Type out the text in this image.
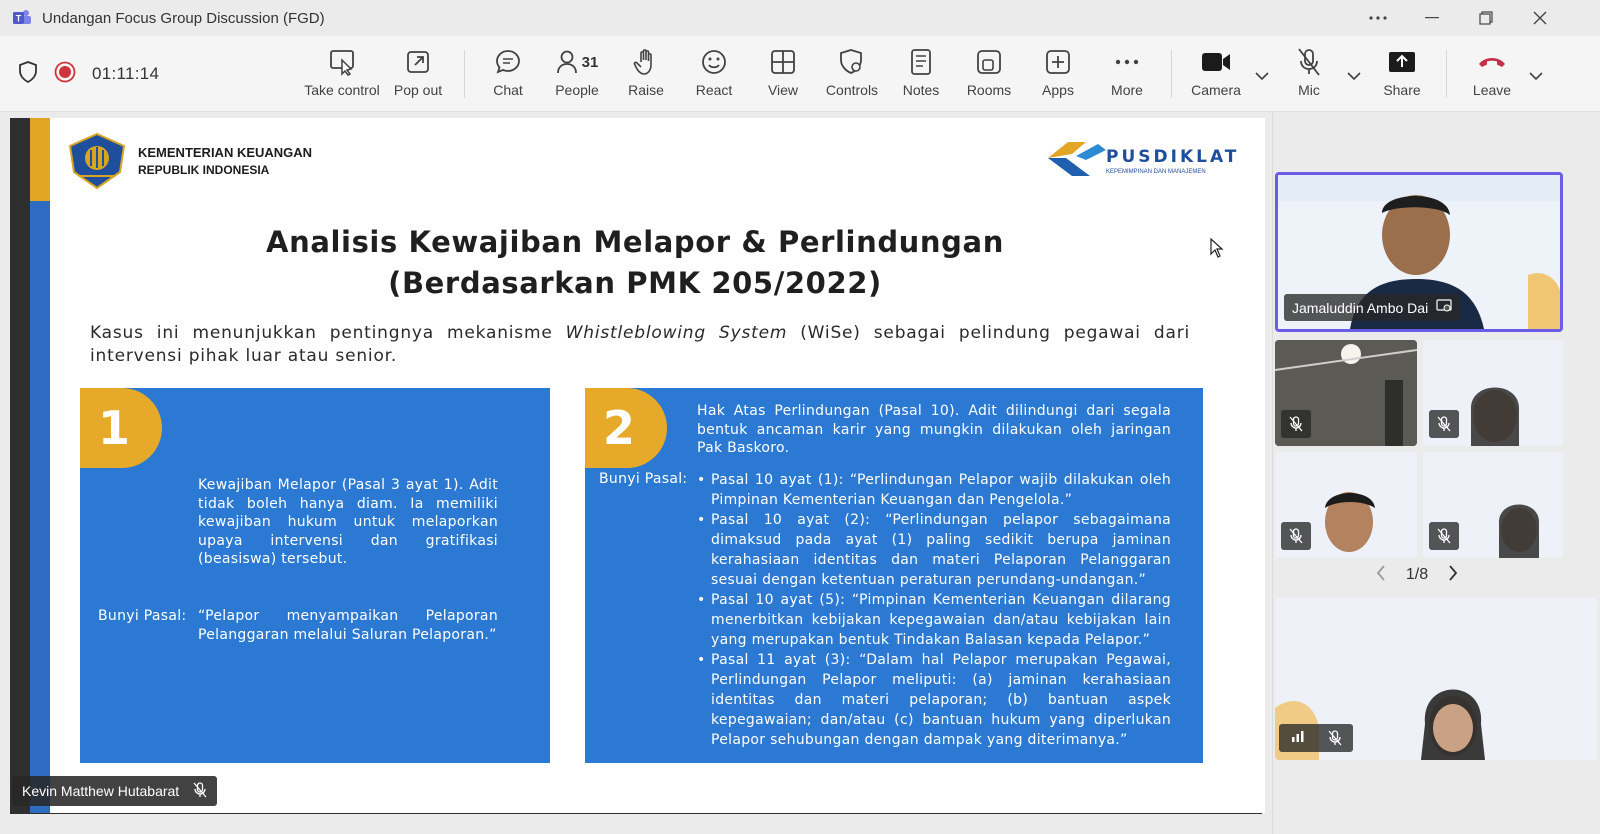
T Undangan Focus Group Discussion (FGD)
01:11:14
Take control Pop out	Chat
31
People Raise React	View Controls Notes Rooms Apps	More	Camera	Mic	Share	Leave
KEMENTERIAN KEUANGAN
REPUBLIK INDONESIA
PUSDIKLAT
KEPEMIMPINAN DAN MANAJEMEN
Analisis Kewajiban Melapor & Perlindungan
(Berdasarkan PMK 205/2022)
Kasus ini menunjukkan pentingnya mekanisme Whistleblowing System (WiSe) sebagai pelindung pegawai dari intervensi pihak luar atau senior.
1
Kewajiban Melapor (Pasal 3 ayat 1). Adit tidak boleh hanya diam. Ia memiliki kewajiban hukum untuk melaporkan upaya intervensi dan gratifikasi (beasiswa) tersebut.
Bunyi Pasal: “Pelapor menyampaikan Pelaporan Pelanggaran melalui Saluran Pelaporan.”
2	Hak Atas Perlindungan (Pasal 10). Adit dilindungi dari segala bentuk ancaman karir yang mungkin dilakukan oleh jaringan Pak Baskoro.
Bunyi Pasal:
•	Pasal 10 ayat (1): “Perlindungan Pelapor wajib dilakukan oleh Pimpinan Kementerian Keuangan dan Pengelola.”
• Pasal 10 ayat (2): “Perlindungan pelapor sebagaimana dimaksud pada ayat (1) paling sedikit berupa jaminan kerahasiaan identitas dan materi Pelaporan Pelanggaran sesuai dengan ketentuan peraturan perundang-undangan.”
• Pasal 10 ayat (5): “Pimpinan Kementerian Keuangan dilarang menerbitkan kebijakan kepegawaian dan/atau kebijakan lain yang merupakan bentuk Tindakan Balasan kepada Pelapor.”
• Pasal 11 ayat (3): “Dalam hal Pelapor merupakan Pegawai, Perlindungan Pelapor meliputi: (a) jaminan kerahasiaan identitas dan materi pelaporan; (b) bantuan aspek kepegawaian; dan/atau (c) bantuan hukum yang diperlukan Pelapor sehubungan dengan dampak yang diterimanya.”
Kevin Matthew Hutabarat
Jamaluddin Ambo Dai
1/8
